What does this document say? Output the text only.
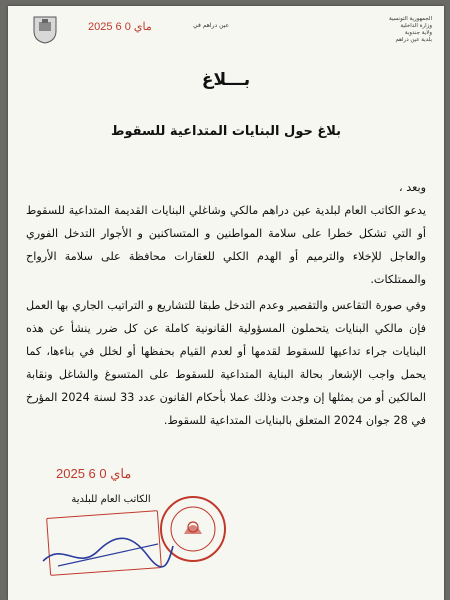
الجمهورية التونسية
وزارة الداخلية
ولاية جندوبة
بلدية عين دراهم
2025 ماي 0 6	عين دراهم في
بـــلاغ
بلاغ حول البنايات المتداعية للسقوط

وبعد ،

يدعو الكاتب العام لبلدية عين دراهم مالكي وشاغلي البنايات القديمة المتداعية للسقوط أو التي تشكل خطرا على سلامة المواطنين و المتساكنين و الأجوار التدخل الفوري والعاجل للإخلاء والترميم أو الهدم الكلي للعقارات محافظة على سلامة الأرواح والممتلكات.

وفي صورة التقاعس والتقصير وعدم التدخل طبقا للتشاريع و التراتيب الجاري بها العمل فإن مالكي البنايات يتحملون المسؤولية القانونية كاملة عن كل ضرر ينشأ عن هذه البنايات جراء تداعيها للسقوط لقدمها أو لعدم القيام بحفظها أو لخلل في بناءها، كما يحمل واجب الإشعار بحالة البناية المتداعية للسقوط على المتسوغ والشاغل ونقابة المالكين أو من يمثلها إن وجدت وذلك عملا بأحكام القانون عدد 33 لسنة 2024 المؤرخ في 28 جوان 2024 المتعلق بالبنايات المتداعية للسقوط.

2025 ماي 0 6
الكاتب العام للبلدية
